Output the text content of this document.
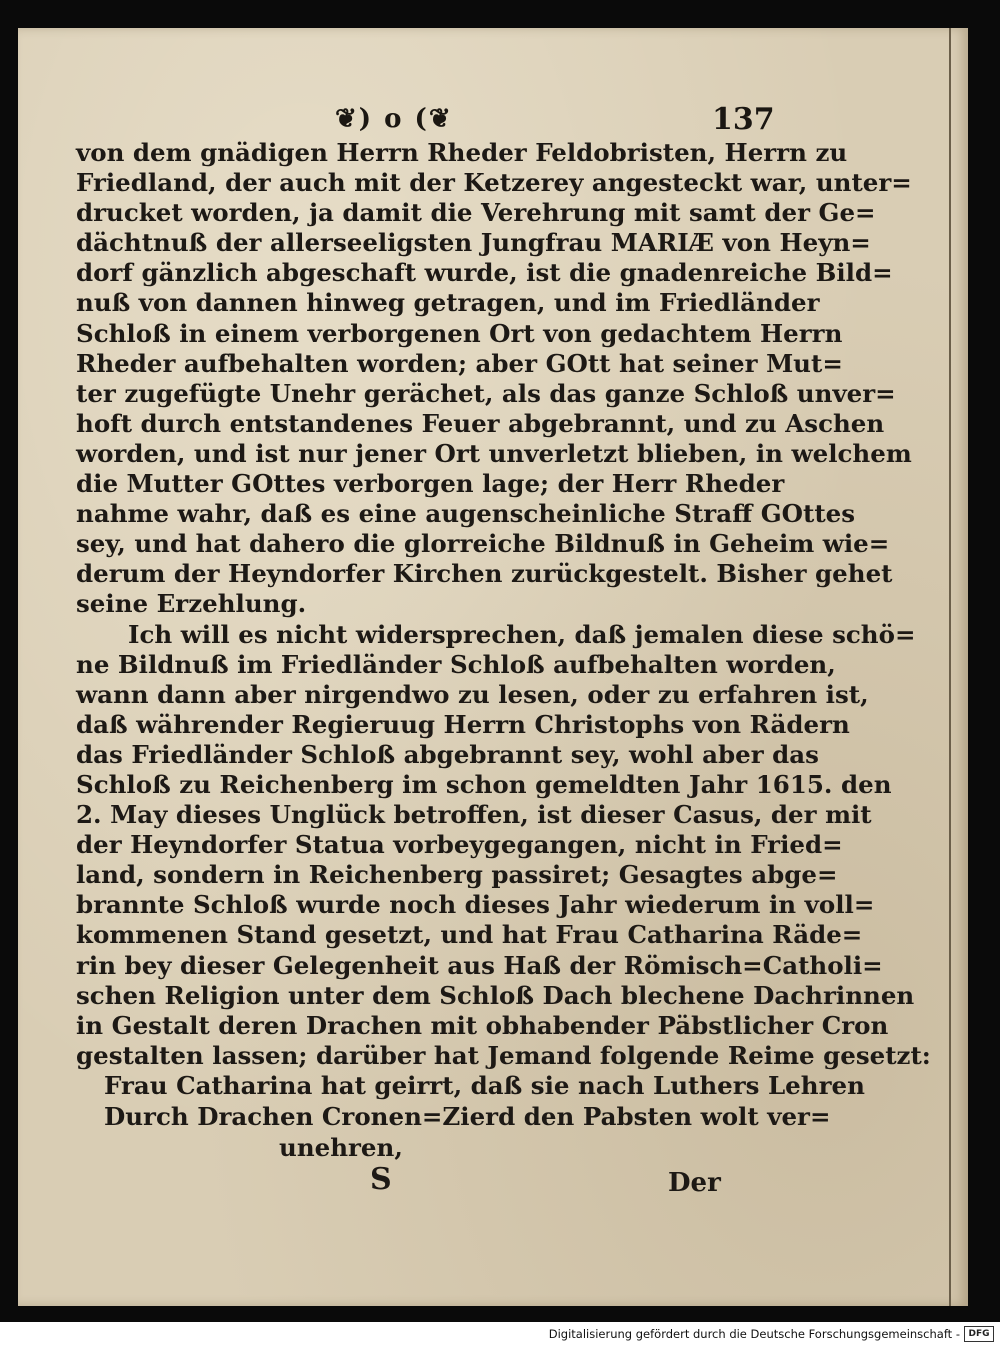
❦) o (❦	137
von dem gnädigen Herrn Rheder Feldobristen, Herrn zu
Friedland, der auch mit der Ketzerey angesteckt war, unter=
drucket worden, ja damit die Verehrung mit samt der Ge=
dächtnuß der allerseeligsten Jungfrau MARIÆ von Heyn=
dorf gänzlich abgeschaft wurde, ist die gnadenreiche Bild=
nuß von dannen hinweg getragen, und im Friedländer
Schloß in einem verborgenen Ort von gedachtem Herrn
Rheder aufbehalten worden; aber GOtt hat seiner Mut=
ter zugefügte Unehr gerächet, als das ganze Schloß unver=
hoft durch entstandenes Feuer abgebrannt, und zu Aschen
worden, und ist nur jener Ort unverletzt blieben, in welchem
die Mutter GOttes verborgen lage; der Herr Rheder
nahme wahr, daß es eine augenscheinliche Straff GOttes
sey, und hat dahero die glorreiche Bildnuß in Geheim wie=
derum der Heyndorfer Kirchen zurückgestelt. Bisher gehet
seine Erzehlung.
Ich will es nicht widersprechen, daß jemalen diese schö=
ne Bildnuß im Friedländer Schloß aufbehalten worden,
wann dann aber nirgendwo zu lesen, oder zu erfahren ist,
daß währender Regieruug Herrn Christophs von Rädern
das Friedländer Schloß abgebrannt sey, wohl aber das
Schloß zu Reichenberg im schon gemeldten Jahr 1615. den
2. May dieses Unglück betroffen, ist dieser Casus, der mit
der Heyndorfer Statua vorbeygegangen, nicht in Fried=
land, sondern in Reichenberg passiret; Gesagtes abge=
brannte Schloß wurde noch dieses Jahr wiederum in voll=
kommenen Stand gesetzt, und hat Frau Catharina Räde=
rin bey dieser Gelegenheit aus Haß der Römisch=Catholi=
schen Religion unter dem Schloß Dach blechene Dachrinnen
in Gestalt deren Drachen mit obhabender Päbstlicher Cron
gestalten lassen; darüber hat Jemand folgende Reime gesetzt:
Frau Catharina hat geirrt, daß sie nach Luthers Lehren
Durch Drachen Cronen=Zierd den Pabsten wolt ver=
unehren,
S	Der
Digitalisierung gefördert durch die Deutsche Forschungsgemeinschaft - DFG
